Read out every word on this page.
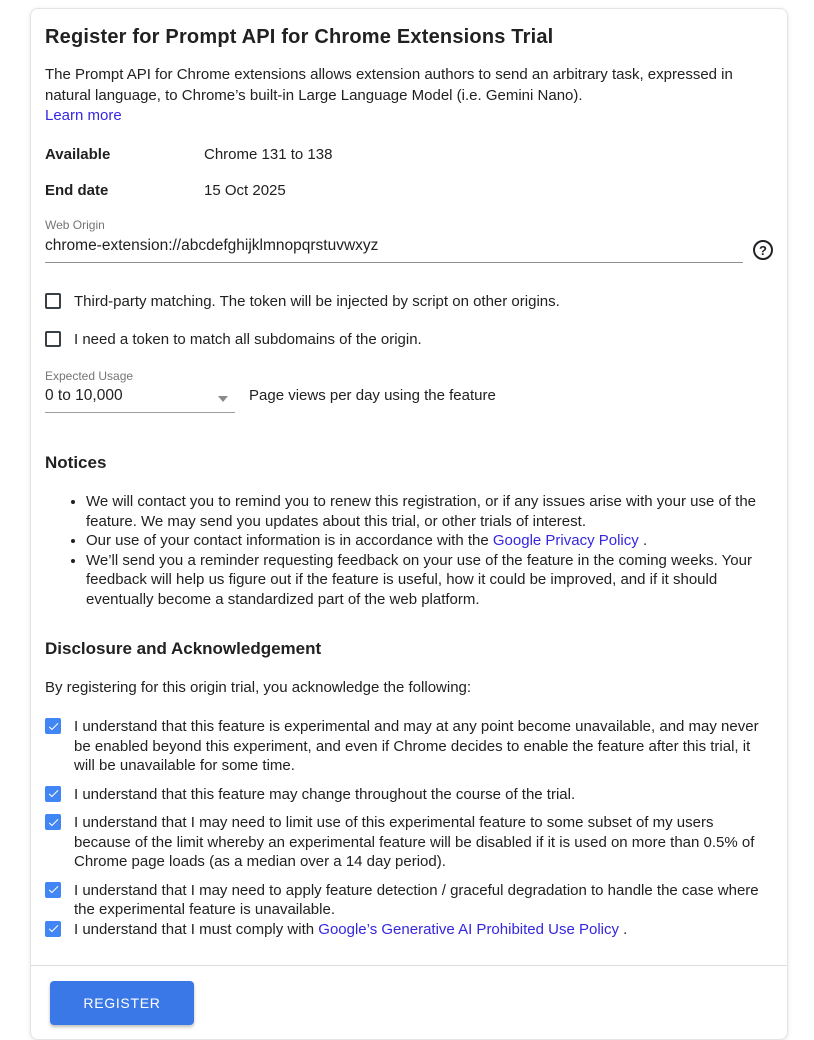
Register for Prompt API for Chrome Extensions Trial
The Prompt API for Chrome extensions allows extension authors to send an arbitrary task, expressed in natural language, to Chrome’s built-in Large Language Model (i.e. Gemini Nano).
Learn more
Available	Chrome 131 to 138
End date	15 Oct 2025
Web Origin
chrome-extension://abcdefghijklmnopqrstuvwxyz
?
Third-party matching. The token will be injected by script on other origins.
I need a token to match all subdomains of the origin.
Expected Usage
0 to 10,000	Page views per day using the feature
Notices
• We will contact you to remind you to renew this registration, or if any issues arise with your use of the feature. We may send you updates about this trial, or other trials of interest.
• Our use of your contact information is in accordance with the Google Privacy Policy .
• We’ll send you a reminder requesting feedback on your use of the feature in the coming weeks. Your feedback will help us figure out if the feature is useful, how it could be improved, and if it should eventually become a standardized part of the web platform.
Disclosure and Acknowledgement
By registering for this origin trial, you acknowledge the following:
I understand that this feature is experimental and may at any point become unavailable, and may never be enabled beyond this experiment, and even if Chrome decides to enable the feature after this trial, it will be unavailable for some time.
I understand that this feature may change throughout the course of the trial.
I understand that I may need to limit use of this experimental feature to some subset of my users because of the limit whereby an experimental feature will be disabled if it is used on more than 0.5% of Chrome page loads (as a median over a 14 day period).
I understand that I may need to apply feature detection / graceful degradation to handle the case where the experimental feature is unavailable.
I understand that I must comply with Google’s Generative AI Prohibited Use Policy .
REGISTER
